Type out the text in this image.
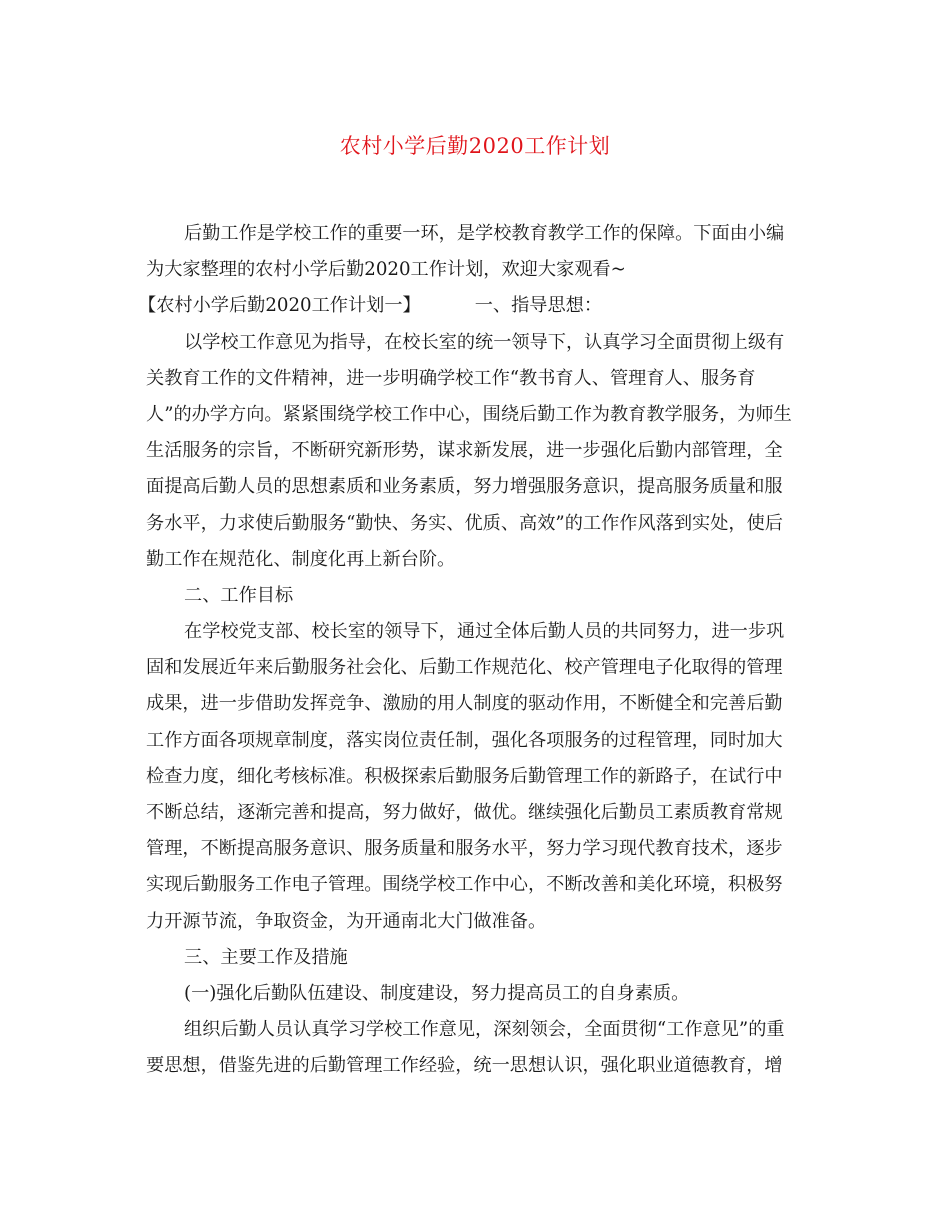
农村小学后勤2020工作计划
后勤工作是学校工作的重要一环，是学校教育教学工作的保障。下面由小编
为大家整理的农村小学后勤2020工作计划，欢迎大家观看~
【农村小学后勤2020工作计划一】	一、指导思想：
以学校工作意见为指导，在校长室的统一领导下，认真学习全面贯彻上级有
关教育工作的文件精神，进一步明确学校工作“教书育人、管理育人、服务育
人”的办学方向。紧紧围绕学校工作中心，围绕后勤工作为教育教学服务，为师生
生活服务的宗旨，不断研究新形势，谋求新发展，进一步强化后勤内部管理，全
面提高后勤人员的思想素质和业务素质，努力增强服务意识，提高服务质量和服
务水平，力求使后勤服务“勤快、务实、优质、高效”的工作作风落到实处，使后
勤工作在规范化、制度化再上新台阶。
二、工作目标
在学校党支部、校长室的领导下，通过全体后勤人员的共同努力，进一步巩
固和发展近年来后勤服务社会化、后勤工作规范化、校产管理电子化取得的管理
成果，进一步借助发挥竞争、激励的用人制度的驱动作用，不断健全和完善后勤
工作方面各项规章制度，落实岗位责任制，强化各项服务的过程管理，同时加大
检查力度，细化考核标准。积极探索后勤服务后勤管理工作的新路子，在试行中
不断总结，逐渐完善和提高，努力做好，做优。继续强化后勤员工素质教育常规
管理，不断提高服务意识、服务质量和服务水平，努力学习现代教育技术，逐步
实现后勤服务工作电子管理。围绕学校工作中心，不断改善和美化环境，积极努
力开源节流，争取资金，为开通南北大门做准备。
三、主要工作及措施
(一)强化后勤队伍建设、制度建设，努力提高员工的自身素质。
组织后勤人员认真学习学校工作意见，深刻领会，全面贯彻“工作意见”的重
要思想，借鉴先进的后勤管理工作经验，统一思想认识，强化职业道德教育，增
